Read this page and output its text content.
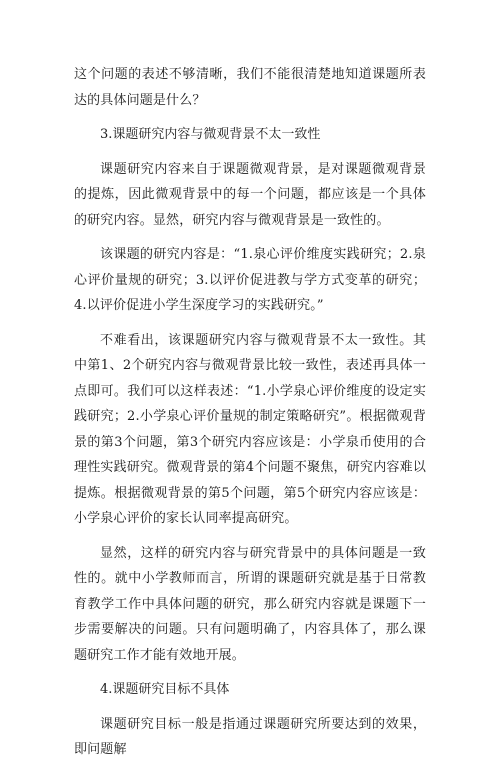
这个问题的表述不够清晰，我们不能很清楚地知道课题所表达的具体问题是什么？

3.课题研究内容与微观背景不太一致性

课题研究内容来自于课题微观背景，是对课题微观背景的提炼，因此微观背景中的每一个问题，都应该是一个具体的研究内容。显然，研究内容与微观背景是一致性的。

该课题的研究内容是：“1.泉心评价维度实践研究；2.泉心评价量规的研究；3.以评价促进教与学方式变革的研究；4.以评价促进小学生深度学习的实践研究。”

不难看出，该课题研究内容与微观背景不太一致性。其中第1、2个研究内容与微观背景比较一致性，表述再具体一点即可。我们可以这样表述：“1.小学泉心评价维度的设定实践研究；2.小学泉心评价量规的制定策略研究”。根据微观背景的第3个问题，第3个研究内容应该是：小学泉币使用的合理性实践研究。微观背景的第4个问题不聚焦，研究内容难以提炼。根据微观背景的第5个问题，第5个研究内容应该是：小学泉心评价的家长认同率提高研究。

显然，这样的研究内容与研究背景中的具体问题是一致性的。就中小学教师而言，所谓的课题研究就是基于日常教育教学工作中具体问题的研究，那么研究内容就是课题下一步需要解决的问题。只有问题明确了，内容具体了，那么课题研究工作才能有效地开展。

4.课题研究目标不具体

课题研究目标一般是指通过课题研究所要达到的效果，即问题解
